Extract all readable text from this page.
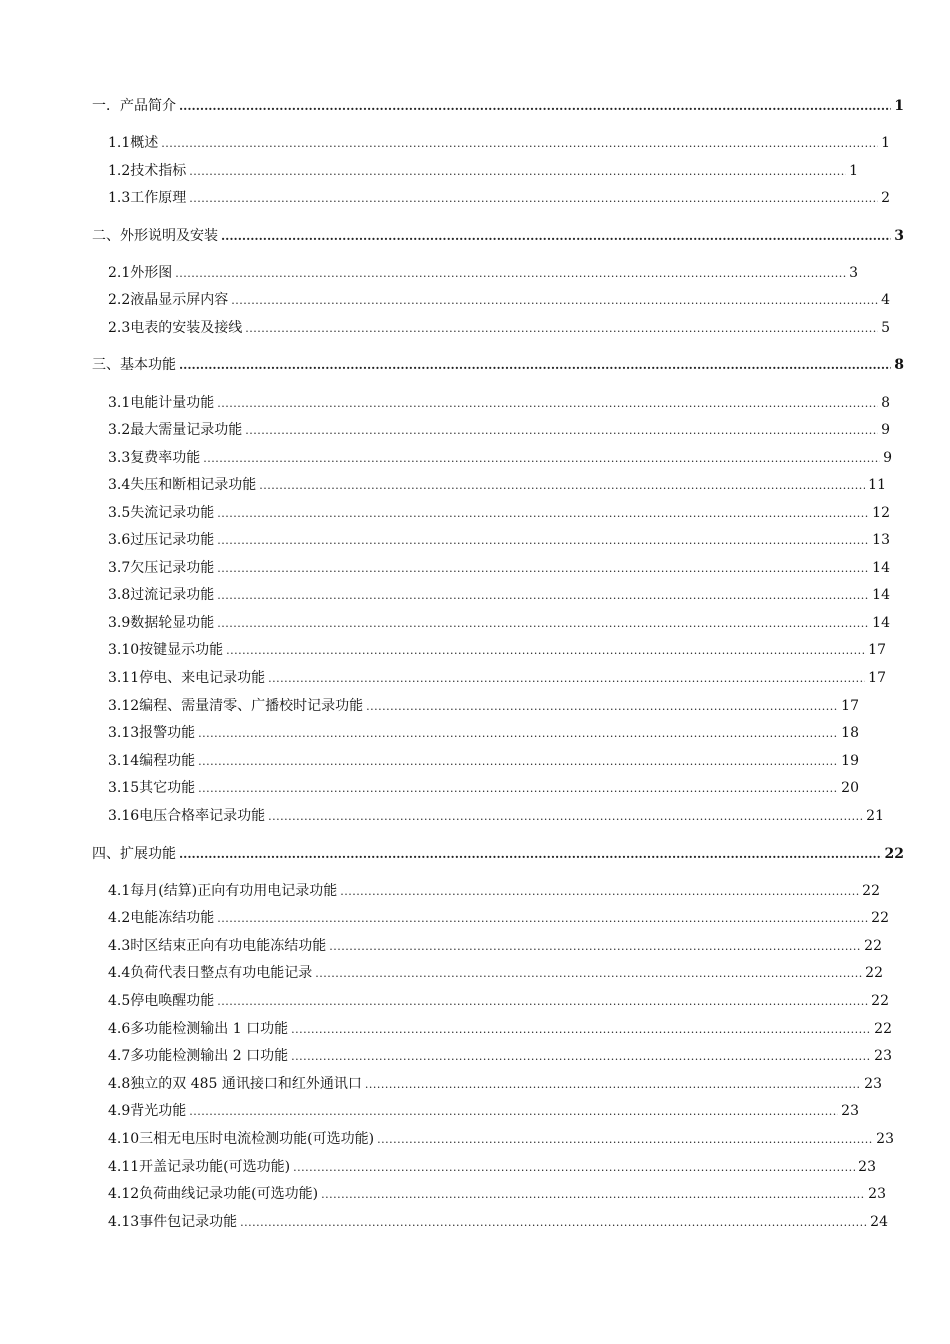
一． 产品简介 .....	1
1.1 概述 .....	1
1.2 技术指标 .....	1
1.3 工作原理 .....	2
二、 外形说明及安装 .....	3
2.1 外形图 .....	3
2.2 液晶显示屏内容 .....	4
2.3 电表的安装及接线 .....	5
三、 基本功能 .....	8
3.1 电能计量功能 .....	8
3.2 最大需量记录功能 .....	9
3.3 复费率功能 .....	9
3.4 失压和断相记录功能 .....	11
3.5 失流记录功能 .....	12
3.6 过压记录功能 .....	13
3.7 欠压记录功能 .....	14
3.8 过流记录功能 .....	14
3.9 数据轮显功能 .....	14
3.10 按键显示功能 .....	17
3.11 停电、来电记录功能 .....	17
3.12 编程、需量清零、广播校时记录功能 .....	17
3.13 报警功能 .....	18
3.14 编程功能 .....	19
3.15 其它功能 .....	20
3.16 电压合格率记录功能 .....	21
四、 扩展功能 .....	22
4.1 每月(结算)正向有功用电记录功能 .....	22
4.2 电能冻结功能 .....	22
4.3 时区结束正向有功电能冻结功能 .....	22
4.4 负荷代表日整点有功电能记录 .....	22
4.5 停电唤醒功能 .....	22
4.6 多功能检测输出 1 口功能 .....	22
4.7 多功能检测输出 2 口功能 .....	23
4.8 独立的双 485 通讯接口和红外通讯口 .....	23
4.9 背光功能 .....	23
4.10 三相无电压时电流检测功能(可选功能) .....	23
4.11 开盖记录功能(可选功能) .....	23
4.12 负荷曲线记录功能(可选功能) .....	23
4.13 事件包记录功能 .....	24
